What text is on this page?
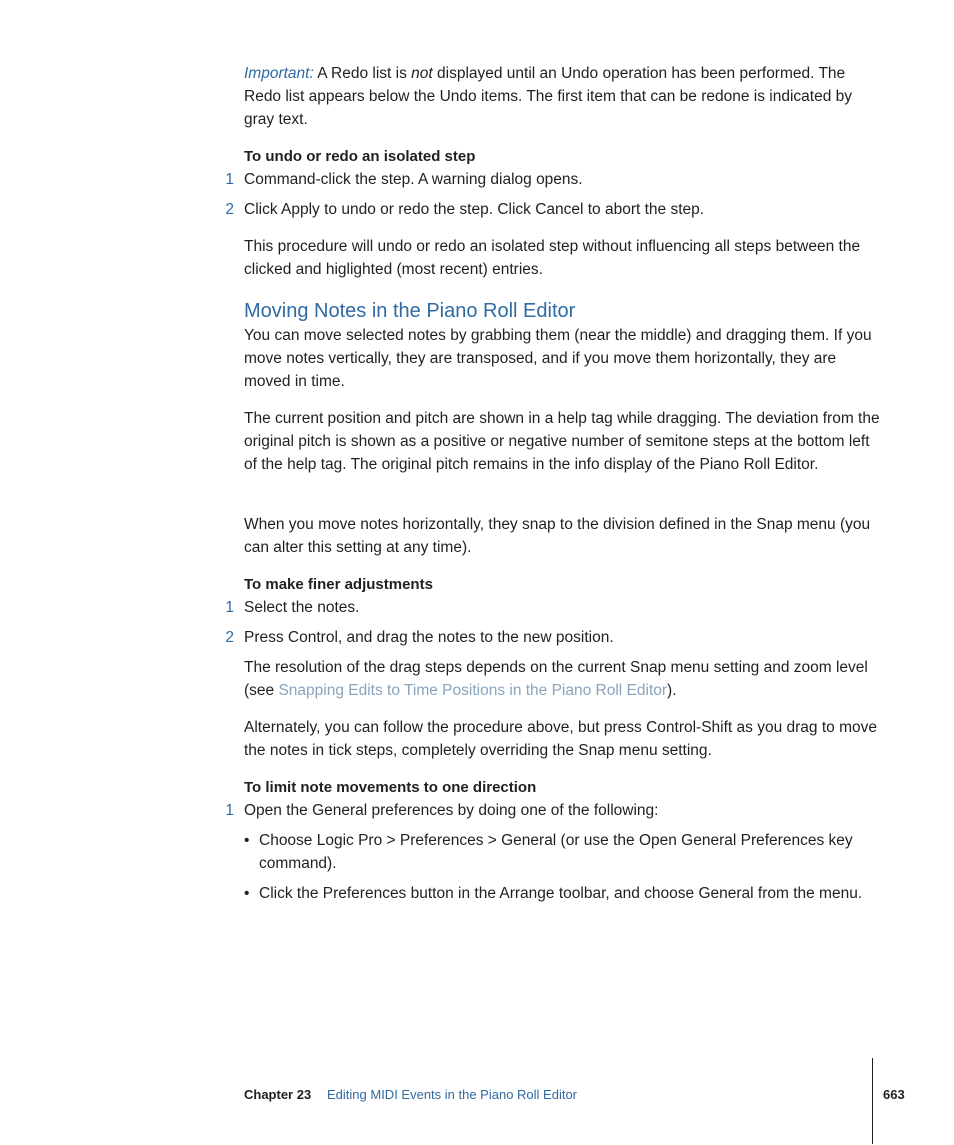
Important: A Redo list is not displayed until an Undo operation has been performed. The Redo list appears below the Undo items. The first item that can be redone is indicated by gray text.

To undo or redo an isolated step

1 Command-click the step. A warning dialog opens.

2 Click Apply to undo or redo the step. Click Cancel to abort the step.

This procedure will undo or redo an isolated step without influencing all steps between the clicked and higlighted (most recent) entries.

Moving Notes in the Piano Roll Editor

You can move selected notes by grabbing them (near the middle) and dragging them. If you move notes vertically, they are transposed, and if you move them horizontally, they are moved in time.

The current position and pitch are shown in a help tag while dragging. The deviation from the original pitch is shown as a positive or negative number of semitone steps at the bottom left of the help tag. The original pitch remains in the info display of the Piano Roll Editor.

When you move notes horizontally, they snap to the division defined in the Snap menu (you can alter this setting at any time).

To make finer adjustments

1 Select the notes.

2 Press Control, and drag the notes to the new position.

The resolution of the drag steps depends on the current Snap menu setting and zoom level (see Snapping Edits to Time Positions in the Piano Roll Editor).

Alternately, you can follow the procedure above, but press Control-Shift as you drag to move the notes in tick steps, completely overriding the Snap menu setting.

To limit note movements to one direction

1 Open the General preferences by doing one of the following:

• Choose Logic Pro > Preferences > General (or use the Open General Preferences key command).

• Click the Preferences button in the Arrange toolbar, and choose General from the menu.

Chapter 23 Editing MIDI Events in the Piano Roll Editor	663
